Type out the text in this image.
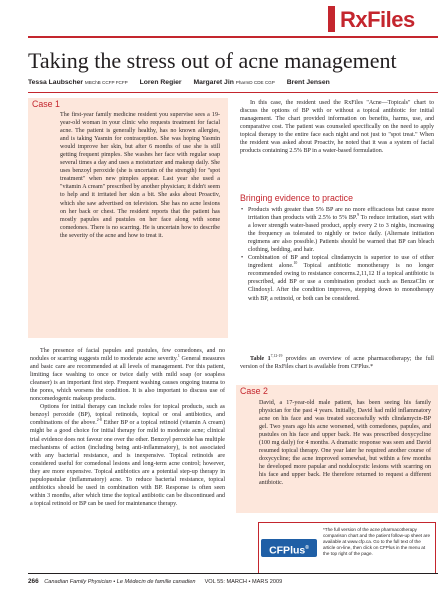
RxFiles
Taking the stress out of acne management
Tessa Laubscher MBChB CCFP FCFP Loren Regier Margaret Jin PharmD CDE CGP Brent Jensen
Case 1

The first-year family medicine resident you supervise sees a 19-year-old woman in your clinic who requests treatment for facial acne. The patient is generally healthy, has no known allergies, and is taking Yasmin for contraception. She was hoping Yasmin would improve her skin, but after 6 months of use she is still getting frequent pimples. She washes her face with regular soap several times a day and uses a moisturizer and makeup daily. She uses benzoyl peroxide (she is uncertain of the strength) for "spot treatment" when new pimples appear. Last year she used a "vitamin A cream" prescribed by another physician; it didn't seem to help and it irritated her skin a bit. She asks about Proactiv, which she saw advertised on television. She has no acne lesions on her back or chest. The resident reports that the patient has mostly papules and pustules on her face along with some comedones. There is no scarring. He is uncertain how to describe the severity of the acne and how to treat it.

The presence of facial papules and pustules, few comedones, and no nodules or scarring suggests mild to moderate acne severity.$^1$ General measures and basic care are recommended at all levels of management. For this patient, limiting face washing to once or twice daily with mild soap (or soapless cleanser) is an important first step. Frequent washing causes ongoing trauma to the pores, which worsens the condition. It is also important to discuss use of noncomedogenic makeup products.

Options for initial therapy can include roles for topical products, such as benzoyl peroxide (BP), topical retinoids, topical or oral antibiotics, and combinations of the above.$^{2-8}$ Either BP or a topical retinoid (vitamin A cream) might be a good choice for initial therapy for mild to moderate acne; clinical trial evidence does not favour one over the other. Benzoyl peroxide has multiple mechanisms of action (including being anti-inflammatory), is not associated with any bacterial resistance, and is inexpensive. Topical retinoids are considered useful for comedonal lesions and long-term acne control; however, they are more expensive. Topical antibiotics are a potential step-up therapy in papulopustular (inflammatory) acne. To reduce bacterial resistance, topical antibiotics should be used in combination with BP. Response is often seen within 3 months, after which time the topical antibiotic can be discontinued and a topical retinoid or BP can be used for maintenance therapy.

In this case, the resident used the RxFiles "Acne—Topicals" chart to discuss the options of BP with or without a topical antibiotic for initial management. The chart provided information on benefits, harms, use, and comparative cost. The patient was counseled specifically on the need to apply topical therapy to the entire face each night and not just to "spot treat." When the resident was asked about Proactiv, he noted that it was a system of facial products containing 2.5% BP in a water-based formulation.

Bringing evidence to practice
• Products with greater than 5% BP are no more efficacious but cause more irritation than products with 2.5% to 5% BP.$^9$ To reduce irritation, start with a lower strength water-based product, apply every 2 to 3 nights, increasing the frequency as tolerated to nightly or twice daily. (Alternate initiation regimens are also possible.) Patients should be warned that BP can bleach clothing, bedding, and hair.
• Combination of BP and topical clindamycin is superior to use of either ingredient alone.$^{10}$ Topical antibiotic monotherapy is no longer recommended owing to resistance concerns.2,11,12 If a topical antibiotic is prescribed, add BP or use a combination product such as BenzaClin or Clindoxyl. After the condition improves, stepping down to monotherapy with BP, a retinoid, or both can be considered.

Table 1$^{7,12-19}$ provides an overview of acne pharmacotherapy; the full version of the RxFiles chart is available from CFPlus.*

Case 2

David, a 17-year-old male patient, has been seeing his family physician for the past 4 years. Initially, David had mild inflammatory acne on his face and was treated successfully with clindamycin-BP gel. Two years ago his acne worsened, with comedones, papules, and pustules on his face and upper back. He was prescribed doxycycline (100 mg daily) for 4 months. A dramatic response was seen and David resumed topical therapy. One year later he required another course of doxycycline; the acne improved somewhat, but within a few months he developed more papular and nodulocystic lesions with scarring on his face and upper back. He therefore returned to request a different antibiotic.

CFPlus®
*The full version of the acne pharmacotherapy comparison chart and the patient follow-up sheet are available at www.cfp.ca. Go to the full text of the article on-line, then click on CFPlus in the menu at the top right of the page.
266 Canadian Family Physician • Le Médecin de famille canadien VOL 55: MARCH • MARS 2009
